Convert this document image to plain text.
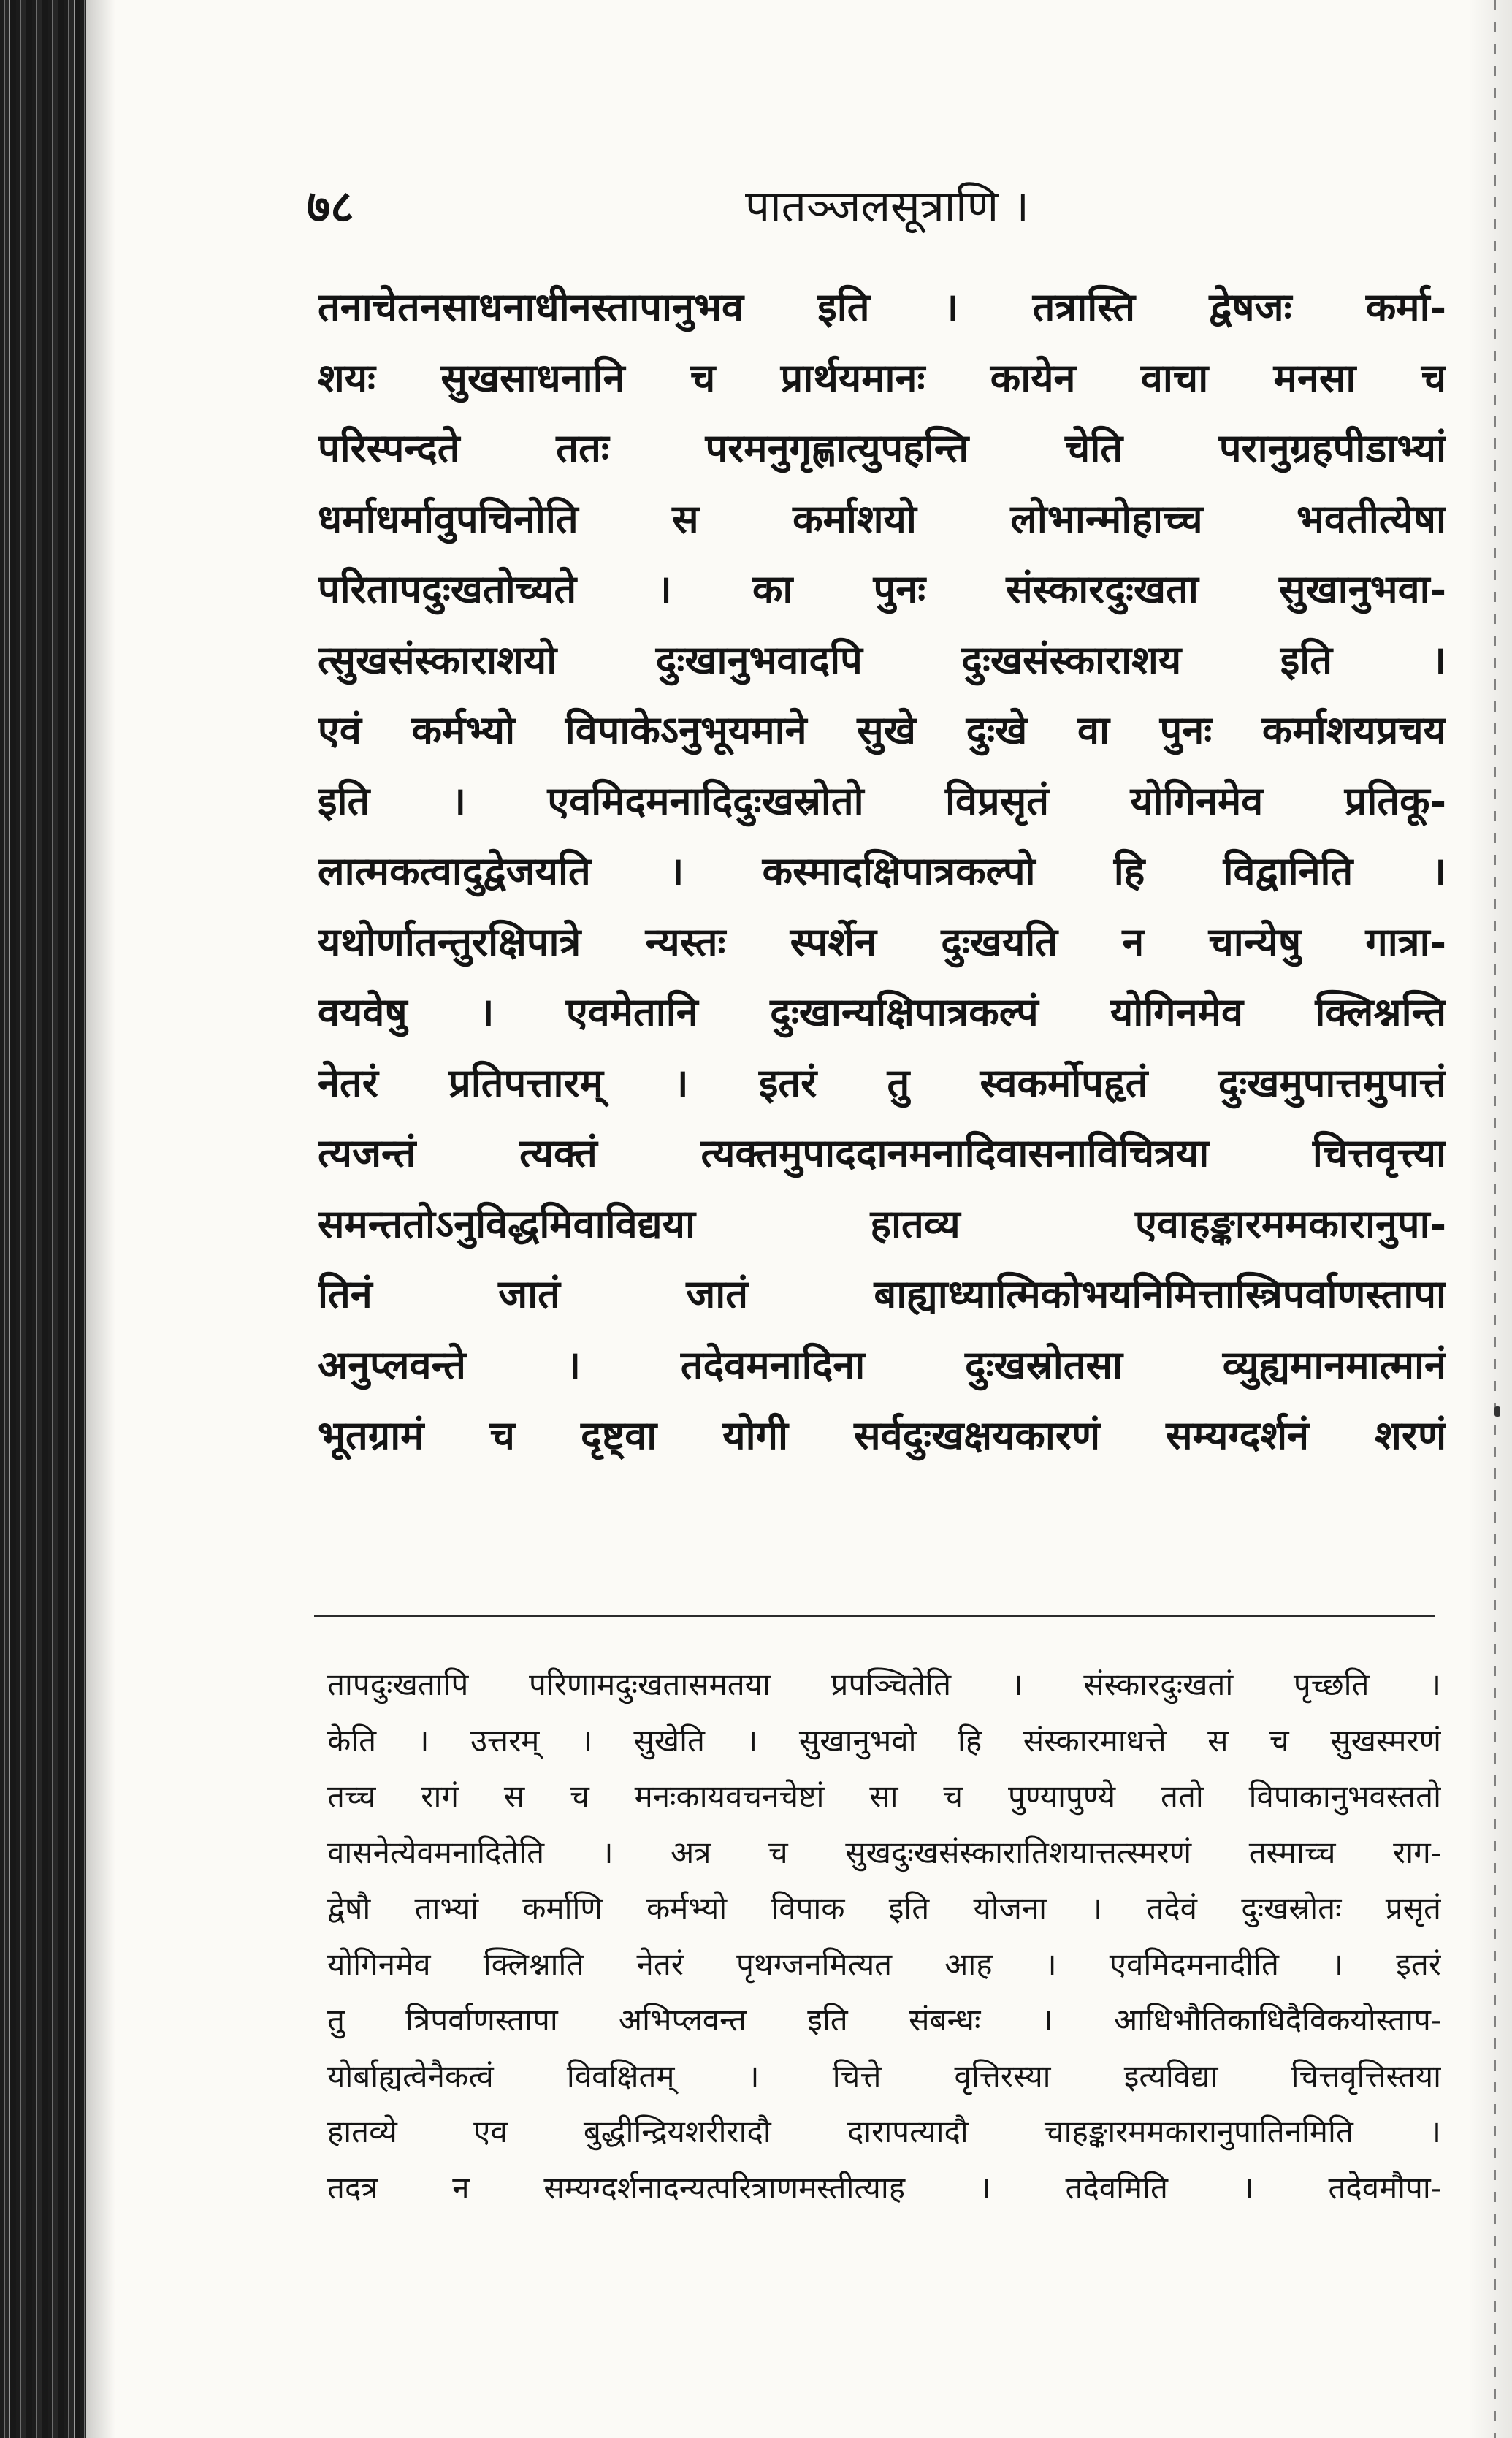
७८	पातञ्जलसूत्राणि ।
तनाचेतनसाधनाधीनस्तापानुभव इति । तत्रास्ति द्वेषजः कर्मा-
शयः सुखसाधनानि च प्रार्थयमानः कायेन वाचा मनसा च
परिस्पन्दते ततः परमनुगृह्णात्युपहन्ति चेति परानुग्रहपीडाभ्यां
धर्माधर्मावुपचिनोति स कर्माशयो लोभान्मोहाच्च भवतीत्येषा
परितापदुःखतोच्यते । का पुनः संस्कारदुःखता सुखानुभवा-
त्सुखसंस्काराशयो दुःखानुभवादपि दुःखसंस्काराशय इति ।
एवं कर्मभ्यो विपाकेऽनुभूयमाने सुखे दुःखे वा पुनः कर्माशयप्रचय
इति । एवमिदमनादिदुःखस्रोतो विप्रसृतं योगिनमेव प्रतिकू-
लात्मकत्वादुद्वेजयति । कस्मादक्षिपात्रकल्पो हि विद्वानिति ।
यथोर्णातन्तुरक्षिपात्रे न्यस्तः स्पर्शेन दुःखयति न चान्येषु गात्रा-
वयवेषु । एवमेतानि दुःखान्यक्षिपात्रकल्पं योगिनमेव क्लिश्नन्ति
नेतरं प्रतिपत्तारम् । इतरं तु स्वकर्मोपहृतं दुःखमुपात्तमुपात्तं
त्यजन्तं त्यक्तं त्यक्तमुपाददानमनादिवासनाविचित्रया चित्तवृत्त्या
समन्ततोऽनुविद्धमिवाविद्यया हातव्य एवाहङ्कारममकारानुपा-
तिनं जातं जातं बाह्याध्यात्मिकोभयनिमित्तास्त्रिपर्वाणस्तापा
अनुप्लवन्ते । तदेवमनादिना दुःखस्रोतसा व्युह्यमानमात्मानं
भूतग्रामं च दृष्ट्वा योगी सर्वदुःखक्षयकारणं सम्यग्दर्शनं शरणं
तापदुःखतापि परिणामदुःखतासमतया प्रपञ्चितेति । संस्कारदुःखतां पृच्छति ।
केति । उत्तरम् । सुखेति । सुखानुभवो हि संस्कारमाधत्ते स च सुखस्मरणं
तच्च रागं स च मनःकायवचनचेष्टां सा च पुण्यापुण्ये ततो विपाकानुभवस्ततो
वासनेत्येवमनादितेति । अत्र च सुखदुःखसंस्कारातिशयात्तत्स्मरणं तस्माच्च राग-
द्वेषौ ताभ्यां कर्माणि कर्मभ्यो विपाक इति योजना । तदेवं दुःखस्रोतः प्रसृतं
योगिनमेव क्लिश्नाति नेतरं पृथग्जनमित्यत आह । एवमिदमनादीति । इतरं
तु त्रिपर्वाणस्तापा अभिप्लवन्त इति संबन्धः । आधिभौतिकाधिदैविकयोस्ताप-
योर्बाह्यत्वेनैकत्वं विवक्षितम् । चित्ते वृत्तिरस्या इत्यविद्या चित्तवृत्तिस्तया
हातव्ये एव बुद्धीन्द्रियशरीरादौ दारापत्यादौ चाहङ्कारममकारानुपातिनमिति ।
तदत्र न सम्यग्दर्शनादन्यत्परित्राणमस्तीत्याह । तदेवमिति । तदेवमौपा-
